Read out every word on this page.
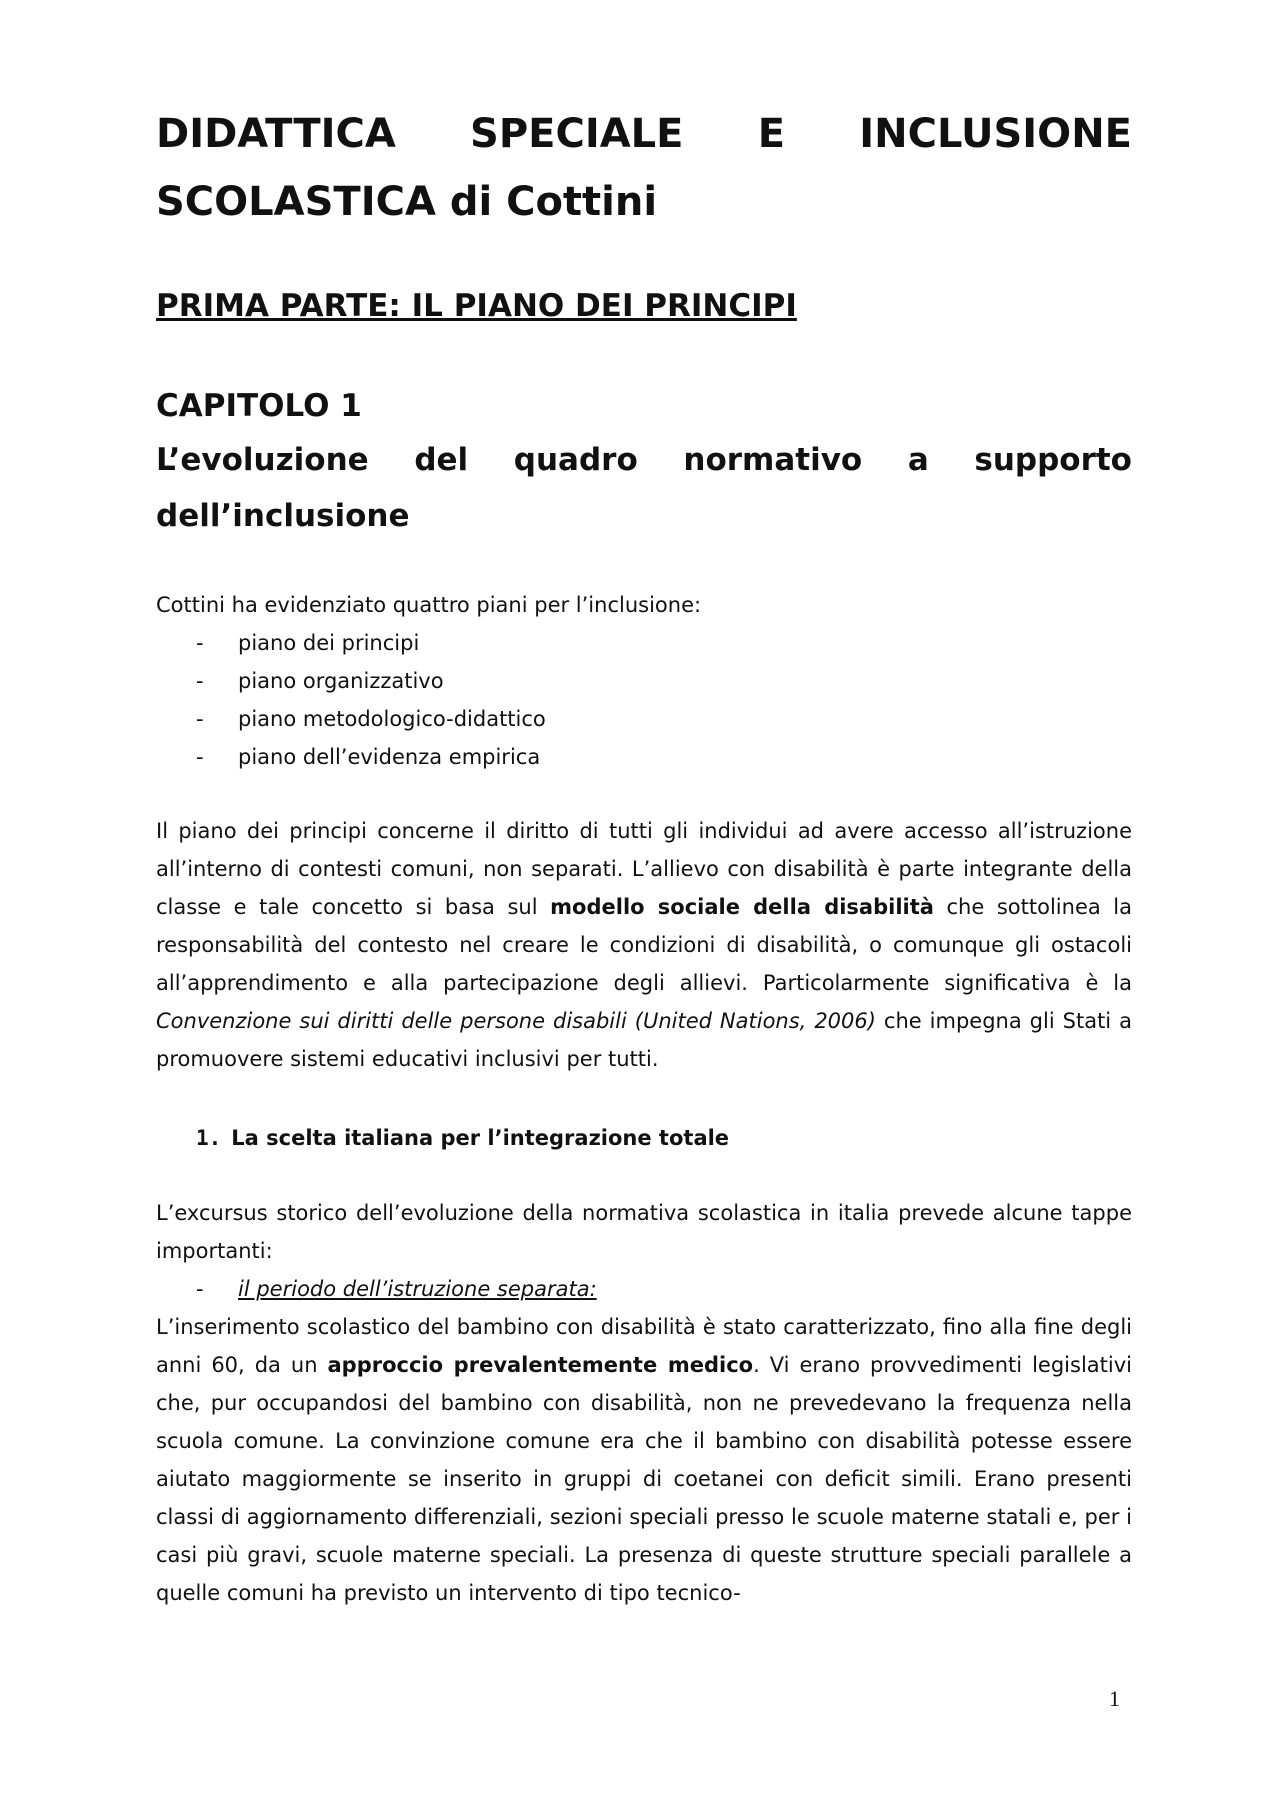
DIDATTICA SPECIALE E INCLUSIONE
SCOLASTICA di Cottini
PRIMA PARTE: IL PIANO DEI PRINCIPI
CAPITOLO 1
L’evoluzione del quadro normativo a supporto
dell’inclusione

Cottini ha evidenziato quattro piani per l’inclusione:

-	piano dei principi
-	piano organizzativo
-	piano metodologico-didattico
-	piano dell’evidenza empirica

Il piano dei principi concerne il diritto di tutti gli individui ad avere accesso all’istruzione all’interno di contesti comuni, non separati. L’allievo con disabilità è parte integrante della classe e tale concetto si basa sul modello sociale della disabilità che sottolinea la responsabilità del contesto nel creare le condizioni di disabilità, o comunque gli ostacoli all’apprendimento e alla partecipazione degli allievi. Particolarmente significativa è la Convenzione sui diritti delle persone disabili (United Nations, 2006) che impegna gli Stati a promuovere sistemi educativi inclusivi per tutti.

1. La scelta italiana per l’integrazione totale

L’excursus storico dell’evoluzione della normativa scolastica in italia prevede alcune tappe importanti:

-	il periodo dell’istruzione separata:

L’inserimento scolastico del bambino con disabilità è stato caratterizzato, fino alla fine degli anni 60, da un approccio prevalentemente medico. Vi erano provvedimenti legislativi che, pur occupandosi del bambino con disabilità, non ne prevedevano la frequenza nella scuola comune. La convinzione comune era che il bambino con disabilità potesse essere aiutato maggiormente se inserito in gruppi di coetanei con deficit simili. Erano presenti classi di aggiornamento differenziali, sezioni speciali presso le scuole materne statali e, per i casi più gravi, scuole materne speciali. La presenza di queste strutture speciali parallele a quelle comuni ha previsto un intervento di tipo tecnico-

1
